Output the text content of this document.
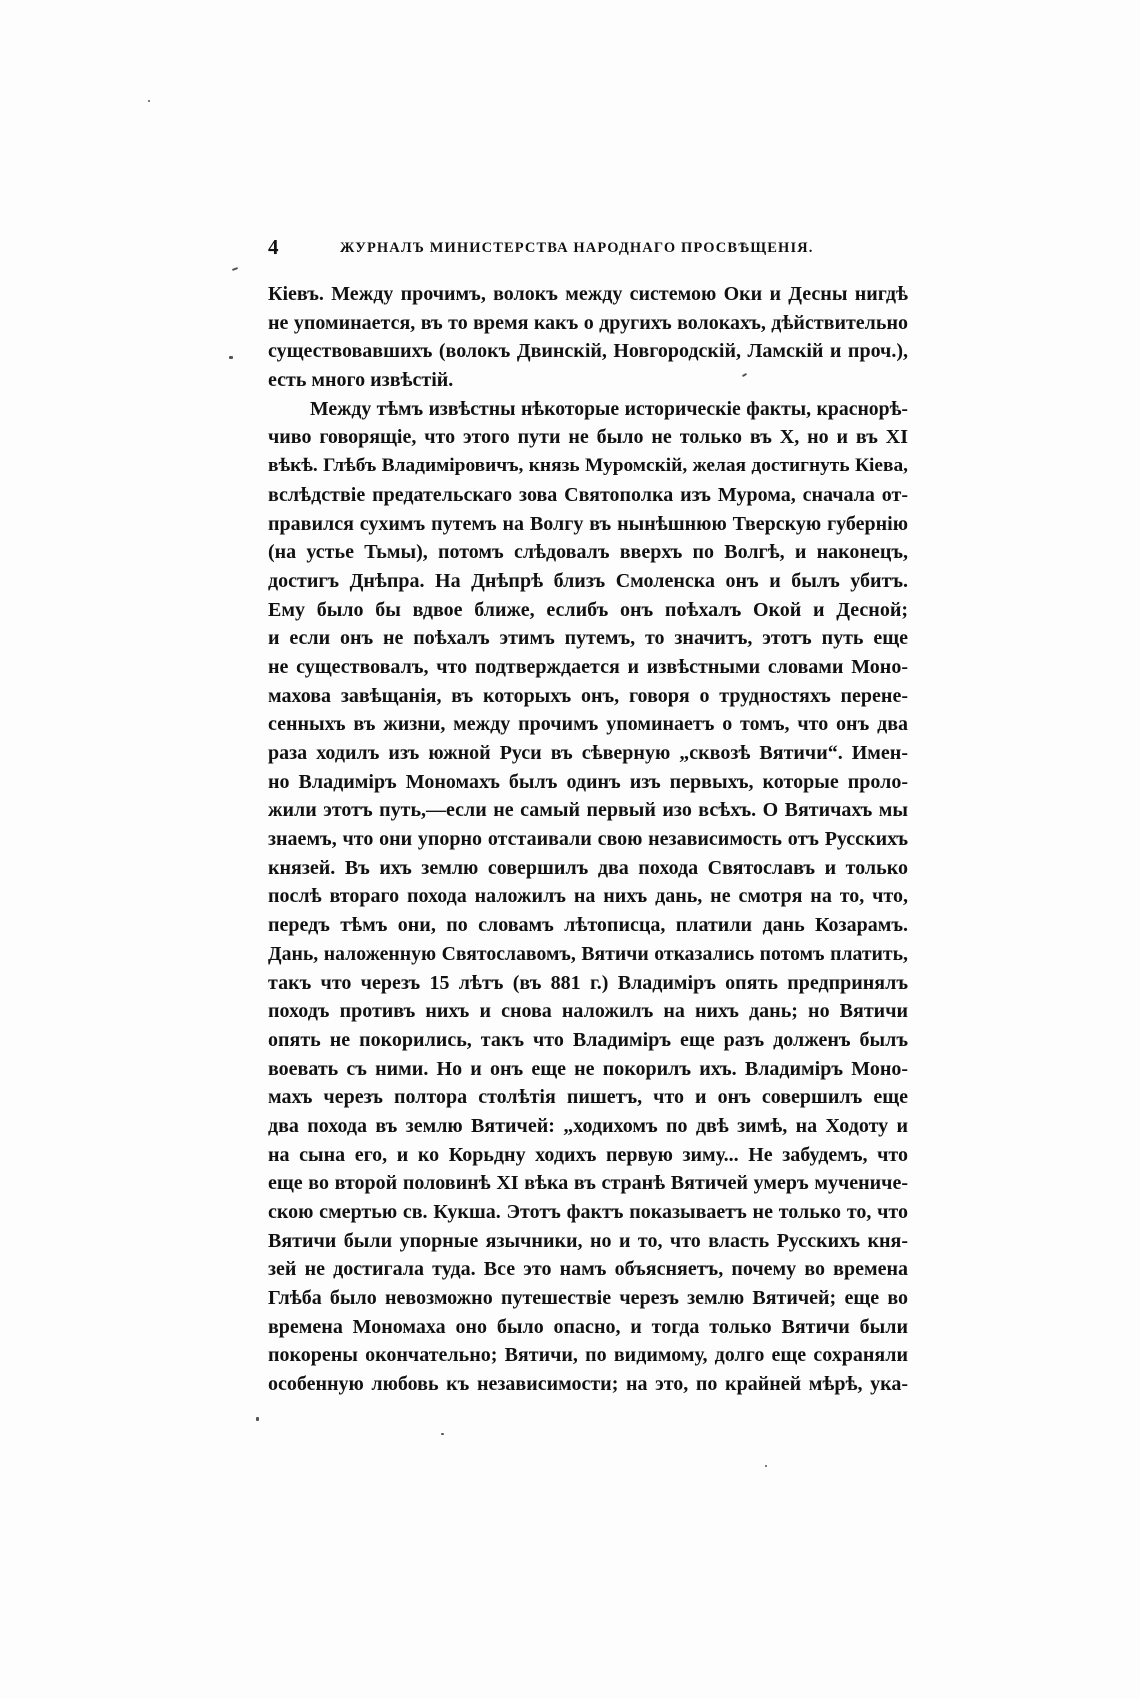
4	ЖУРНАЛЪ МИНИСТЕРСТВА НАРОДНАГО ПРОСВѢЩЕНІЯ.
Кіевъ. Между прочимъ, волокъ между системою Оки и Десны нигдѣ
не упоминается, въ то время какъ о другихъ волокахъ, дѣйствительно
существовавшихъ (волокъ Двинскій, Новгородскій, Ламскій и проч.),
есть много извѣстій.
Между тѣмъ извѣстны нѣкоторые историческіе факты, краснорѣ-
чиво говорящіе, что этого пути не было не только въ X, но и въ XI
вѣкѣ. Глѣбъ Владиміровичъ, князь Муромскій, желая достигнуть Кіева,
вслѣдствіе предательскаго зова Святополка изъ Мурома, сначала от-
правился сухимъ путемъ на Волгу въ нынѣшнюю Тверскую губернію
(на устье Тьмы), потомъ слѣдовалъ вверхъ по Волгѣ, и наконецъ,
достигъ Днѣпра. На Днѣпрѣ близъ Смоленска онъ и былъ убитъ.
Ему было бы вдвое ближе, еслибъ онъ поѣхалъ Окой и Десной;
и если онъ не поѣхалъ этимъ путемъ, то значитъ, этотъ путь еще
не существовалъ, что подтверждается и извѣстными словами Моно-
махова завѣщанія, въ которыхъ онъ, говоря о трудностяхъ перене-
сенныхъ въ жизни, между прочимъ упоминаетъ о томъ, что онъ два
раза ходилъ изъ южной Руси въ сѣверную „сквозѣ Вятичи“. Имен-
но Владиміръ Мономахъ былъ одинъ изъ первыхъ, которые проло-
жили этотъ путь,—если не самый первый изо всѣхъ. О Вятичахъ мы
знаемъ, что они упорно отстаивали свою независимость отъ Русскихъ
князей. Въ ихъ землю совершилъ два похода Святославъ и только
послѣ втораго похода наложилъ на нихъ дань, не смотря на то, что,
передъ тѣмъ они, по словамъ лѣтописца, платили дань Козарамъ.
Дань, наложенную Святославомъ, Вятичи отказались потомъ платить,
такъ что черезъ 15 лѣтъ (въ 881 г.) Владиміръ опять предпринялъ
походъ противъ нихъ и снова наложилъ на нихъ дань; но Вятичи
опять не покорились, такъ что Владиміръ еще разъ долженъ былъ
воевать съ ними. Но и онъ еще не покорилъ ихъ. Владиміръ Моно-
махъ черезъ полтора столѣтія пишетъ, что и онъ совершилъ еще
два похода въ землю Вятичей: „ходихомъ по двѣ зимѣ, на Ходоту и
на сына его, и ко Корьдну ходихъ первую зиму... Не забудемъ, что
еще во второй половинѣ XI вѣка въ странѣ Вятичей умеръ мучениче-
скою смертью св. Кукша. Этотъ фактъ показываетъ не только то, что
Вятичи были упорные язычники, но и то, что власть Русскихъ кня-
зей не достигала туда. Все это намъ объясняетъ, почему во времена
Глѣба было невозможно путешествіе черезъ землю Вятичей; еще во
времена Мономаха оно было опасно, и тогда только Вятичи были
покорены окончательно; Вятичи, по видимому, долго еще сохраняли
особенную любовь къ независимости; на это, по крайней мѣрѣ, ука-
